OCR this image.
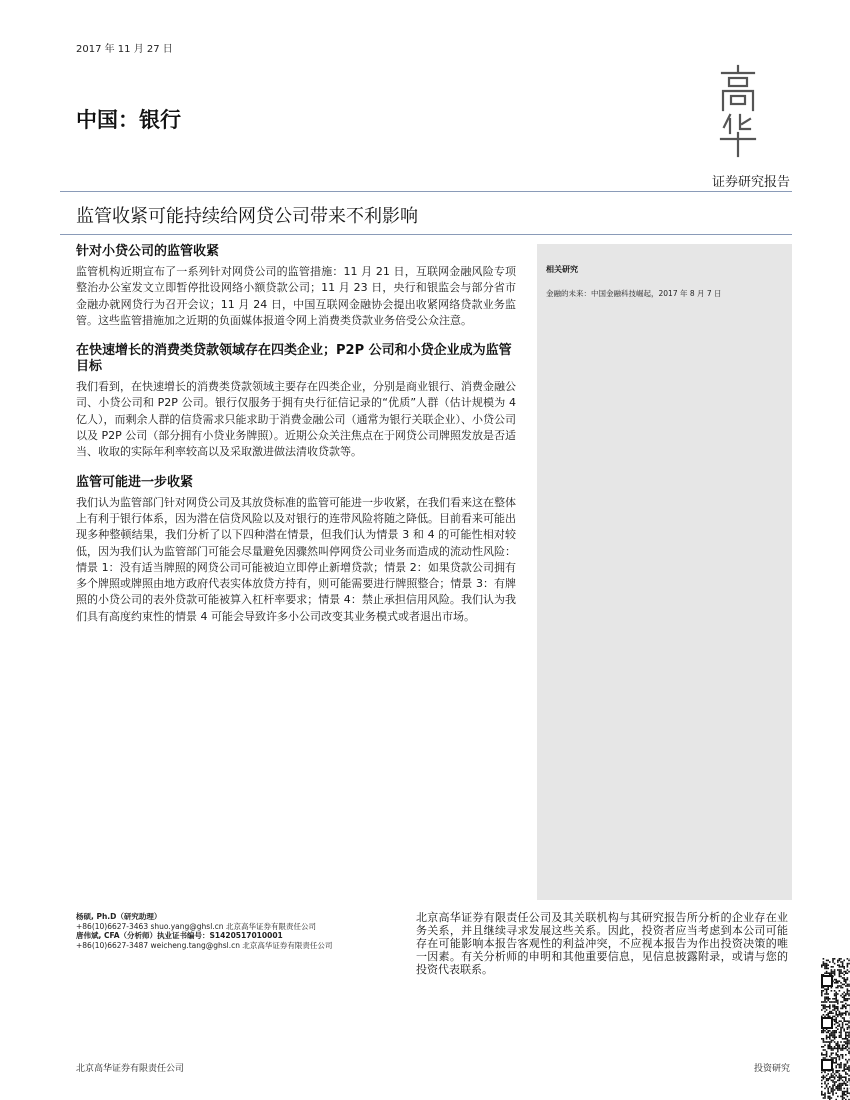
2017 年 11 月 27 日
中国：银行
高华
证券研究报告
监管收紧可能持续给网贷公司带来不利影响
针对小贷公司的监管收紧
监管机构近期宣布了一系列针对网贷公司的监管措施：11 月 21 日，互联网金融风险专项整治办公室发文立即暂停批设网络小额贷款公司；11 月 23 日，央行和银监会与部分省市金融办就网贷行为召开会议；11 月 24 日，中国互联网金融协会提出收紧网络贷款业务监管。这些监管措施加之近期的负面媒体报道令网上消费类贷款业务倍受公众注意。
在快速增长的消费类贷款领域存在四类企业；P2P 公司和小贷企业成为监管目标
我们看到，在快速增长的消费类贷款领域主要存在四类企业，分别是商业银行、消费金融公司、小贷公司和 P2P 公司。银行仅服务于拥有央行征信记录的“优质”人群（估计规模为 4 亿人），而剩余人群的信贷需求只能求助于消费金融公司（通常为银行关联企业）、小贷公司以及 P2P 公司（部分拥有小贷业务牌照）。近期公众关注焦点在于网贷公司牌照发放是否适当、收取的实际年利率较高以及采取激进做法清收贷款等。
监管可能进一步收紧
我们认为监管部门针对网贷公司及其放贷标准的监管可能进一步收紧，在我们看来这在整体上有利于银行体系，因为潜在信贷风险以及对银行的连带风险将随之降低。目前看来可能出现多种整顿结果，我们分析了以下四种潜在情景，但我们认为情景 3 和 4 的可能性相对较低，因为我们认为监管部门可能会尽量避免因骤然叫停网贷公司业务而造成的流动性风险：情景 1：没有适当牌照的网贷公司可能被迫立即停止新增贷款；情景 2：如果贷款公司拥有多个牌照或牌照由地方政府代表实体放贷方持有，则可能需要进行牌照整合；情景 3：有牌照的小贷公司的表外贷款可能被算入杠杆率要求；情景 4：禁止承担信用风险。我们认为我们具有高度约束性的情景 4 可能会导致许多小公司改变其业务模式或者退出市场。
相关研究
金融的未来：中国金融科技崛起，2017 年 8 月 7 日
杨硕, Ph.D（研究助理）
+86(10)6627-3463 shuo.yang@ghsl.cn 北京高华证券有限责任公司
唐伟斌, CFA（分析师）执业证书编号：S1420517010001
+86(10)6627-3487 weicheng.tang@ghsl.cn 北京高华证券有限责任公司
北京高华证券有限责任公司及其关联机构与其研究报告所分析的企业存在业务关系，并且继续寻求发展这些关系。因此，投资者应当考虑到本公司可能存在可能影响本报告客观性的利益冲突，不应视本报告为作出投资决策的唯一因素。有关分析师的申明和其他重要信息，见信息披露附录，或请与您的投资代表联系。
北京高华证券有限责任公司	投资研究
